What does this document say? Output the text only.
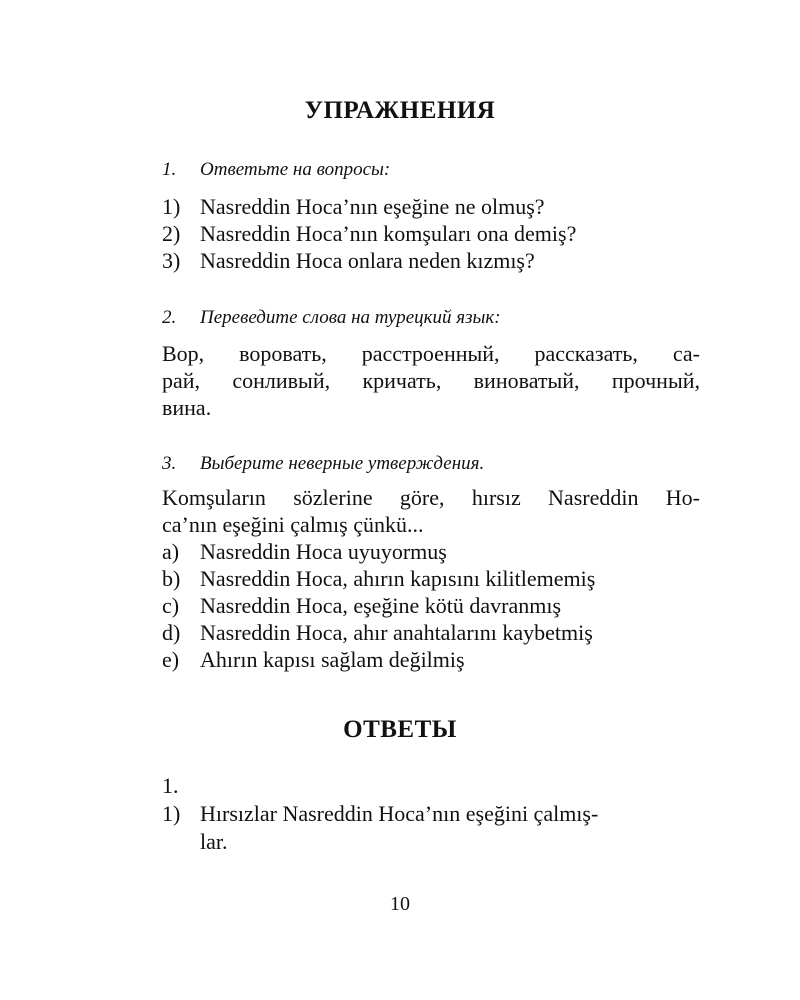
УПРАЖНЕНИЯ
1. Ответьте на вопросы:
1) Nasreddin Hoca’nın eşeğine ne olmuş?
2) Nasreddin Hoca’nın komşuları ona demiş?
3) Nasreddin Hoca onlara neden kızmış?
2. Переведите слова на турецкий язык:
Вор, воровать, расстроенный, рассказать, са-
рай, сонливый, кричать, виноватый, прочный,
вина.
3. Выберите неверные утверждения.
Komşuların sözlerine göre, hırsız Nasreddin Ho-
ca’nın eşeğini çalmış çünkü...
a) Nasreddin Hoca uyuyormuş
b) Nasreddin Hoca, ahırın kapısını kilitlememiş
c) Nasreddin Hoca, eşeğine kötü davranmış
d) Nasreddin Hoca, ahır anahtalarını kaybetmiş
e) Ahırın kapısı sağlam değilmiş
ОТВЕТЫ
1.
1) Hırsızlar Nasreddin Hoca’nın eşeğini çalmış-
lar.
10
